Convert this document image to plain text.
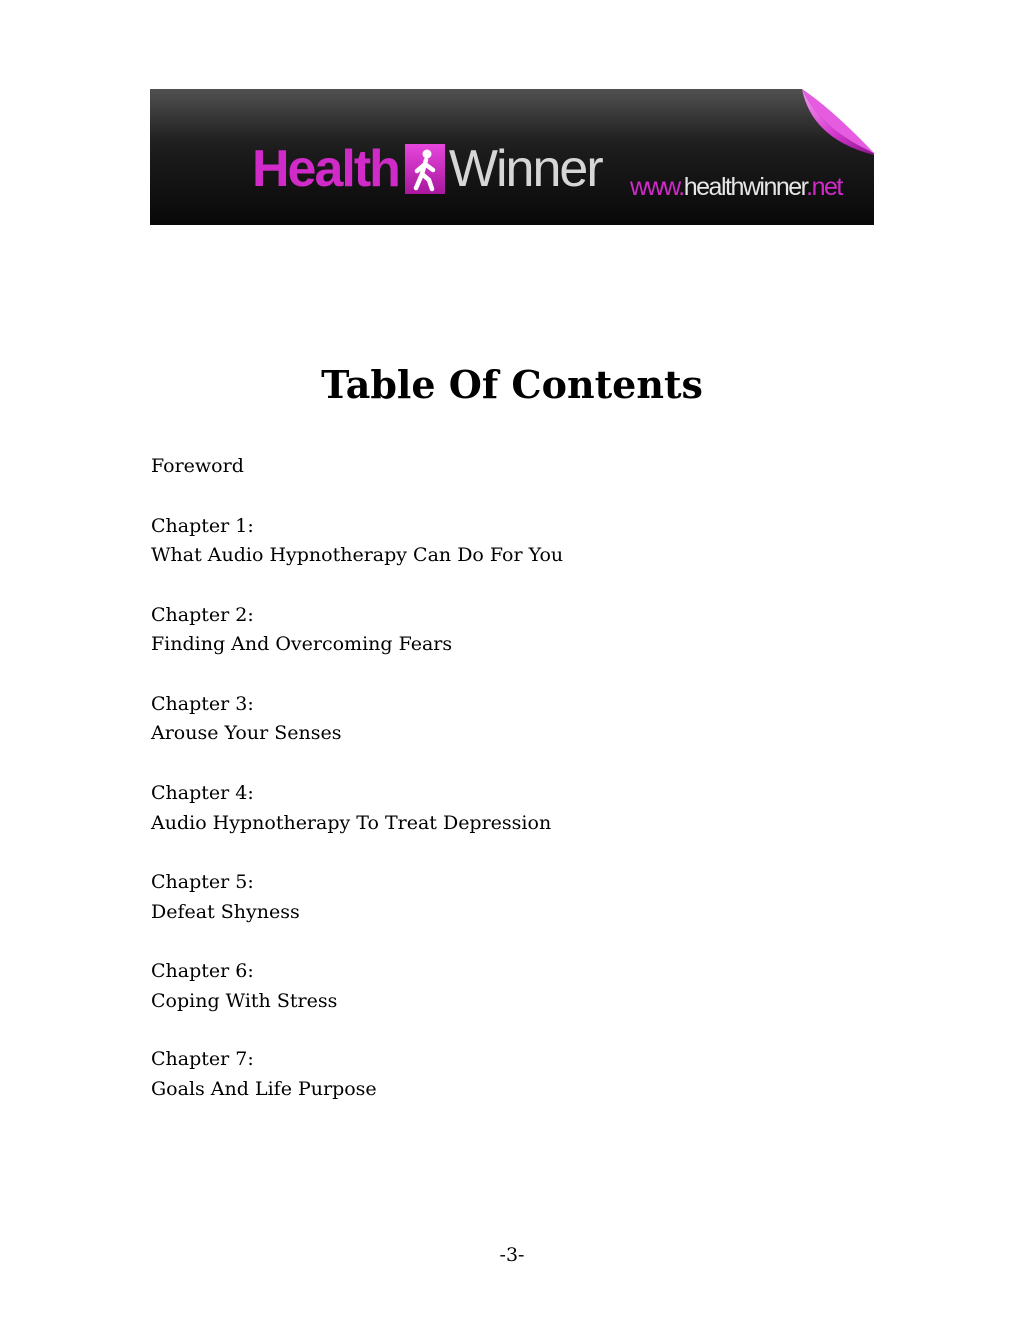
Health Winner www.healthwinner.net
Table Of Contents

Foreword

Chapter 1:

What Audio Hypnotherapy Can Do For You

Chapter 2:

Finding And Overcoming Fears

Chapter 3:

Arouse Your Senses

Chapter 4:

Audio Hypnotherapy To Treat Depression

Chapter 5:

Defeat Shyness

Chapter 6:

Coping With Stress

Chapter 7:

Goals And Life Purpose

-3-
